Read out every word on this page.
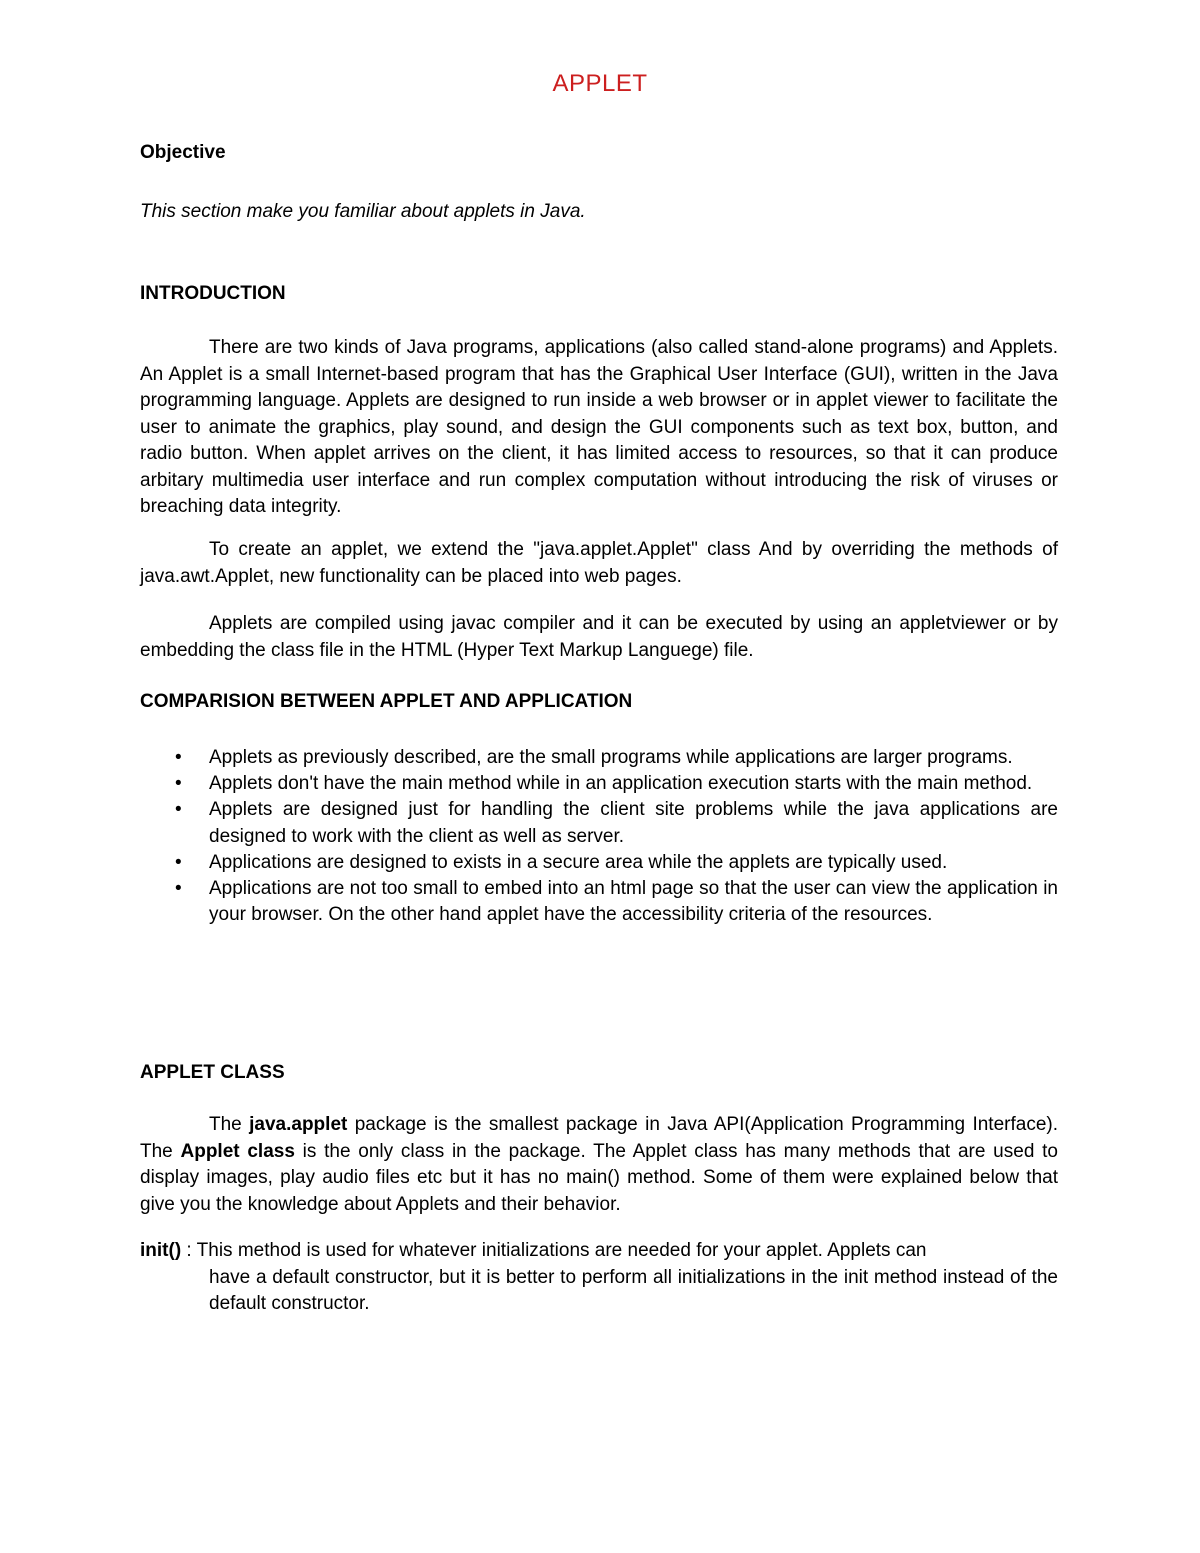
APPLET
Objective
This section make you familiar about applets in Java.
INTRODUCTION
There are two kinds of Java programs, applications (also called stand-alone programs) and Applets. An Applet is a small Internet-based program that has the Graphical User Interface (GUI), written in the Java programming language. Applets are designed to run inside a web browser or in applet viewer to facilitate the user to animate the graphics, play sound, and design the GUI components such as text box, button, and radio button. When applet arrives on the client, it has limited access to resources, so that it can produce arbitary multimedia user interface and run complex computation without introducing the risk of viruses or breaching data integrity.
To create an applet, we extend the "java.applet.Applet" class And by overriding the methods of java.awt.Applet, new functionality can be placed into web pages.
Applets are compiled using javac compiler and it can be executed by using an appletviewer or by embedding the class file in the HTML (Hyper Text Markup Languege) file.
COMPARISION BETWEEN APPLET AND APPLICATION
• Applets as previously described, are the small programs while applications are larger programs.
• Applets don't have the main method while in an application execution starts with the main method.
• Applets are designed just for handling the client site problems while the java applications are designed to work with the client as well as server.
• Applications are designed to exists in a secure area while the applets are typically used.
• Applications are not too small to embed into an html page so that the user can view the application in your browser. On the other hand applet have the accessibility criteria of the resources.
APPLET CLASS
The java.applet package is the smallest package in Java API(Application Programming Interface). The Applet class is the only class in the package. The Applet class has many methods that are used to display images, play audio files etc but it has no main() method. Some of them were explained below that give you the knowledge about Applets and their behavior.
init() : This method is used for whatever initializations are needed for your applet. Applets can
have a default constructor, but it is better to perform all initializations in the init method instead of the default constructor.
